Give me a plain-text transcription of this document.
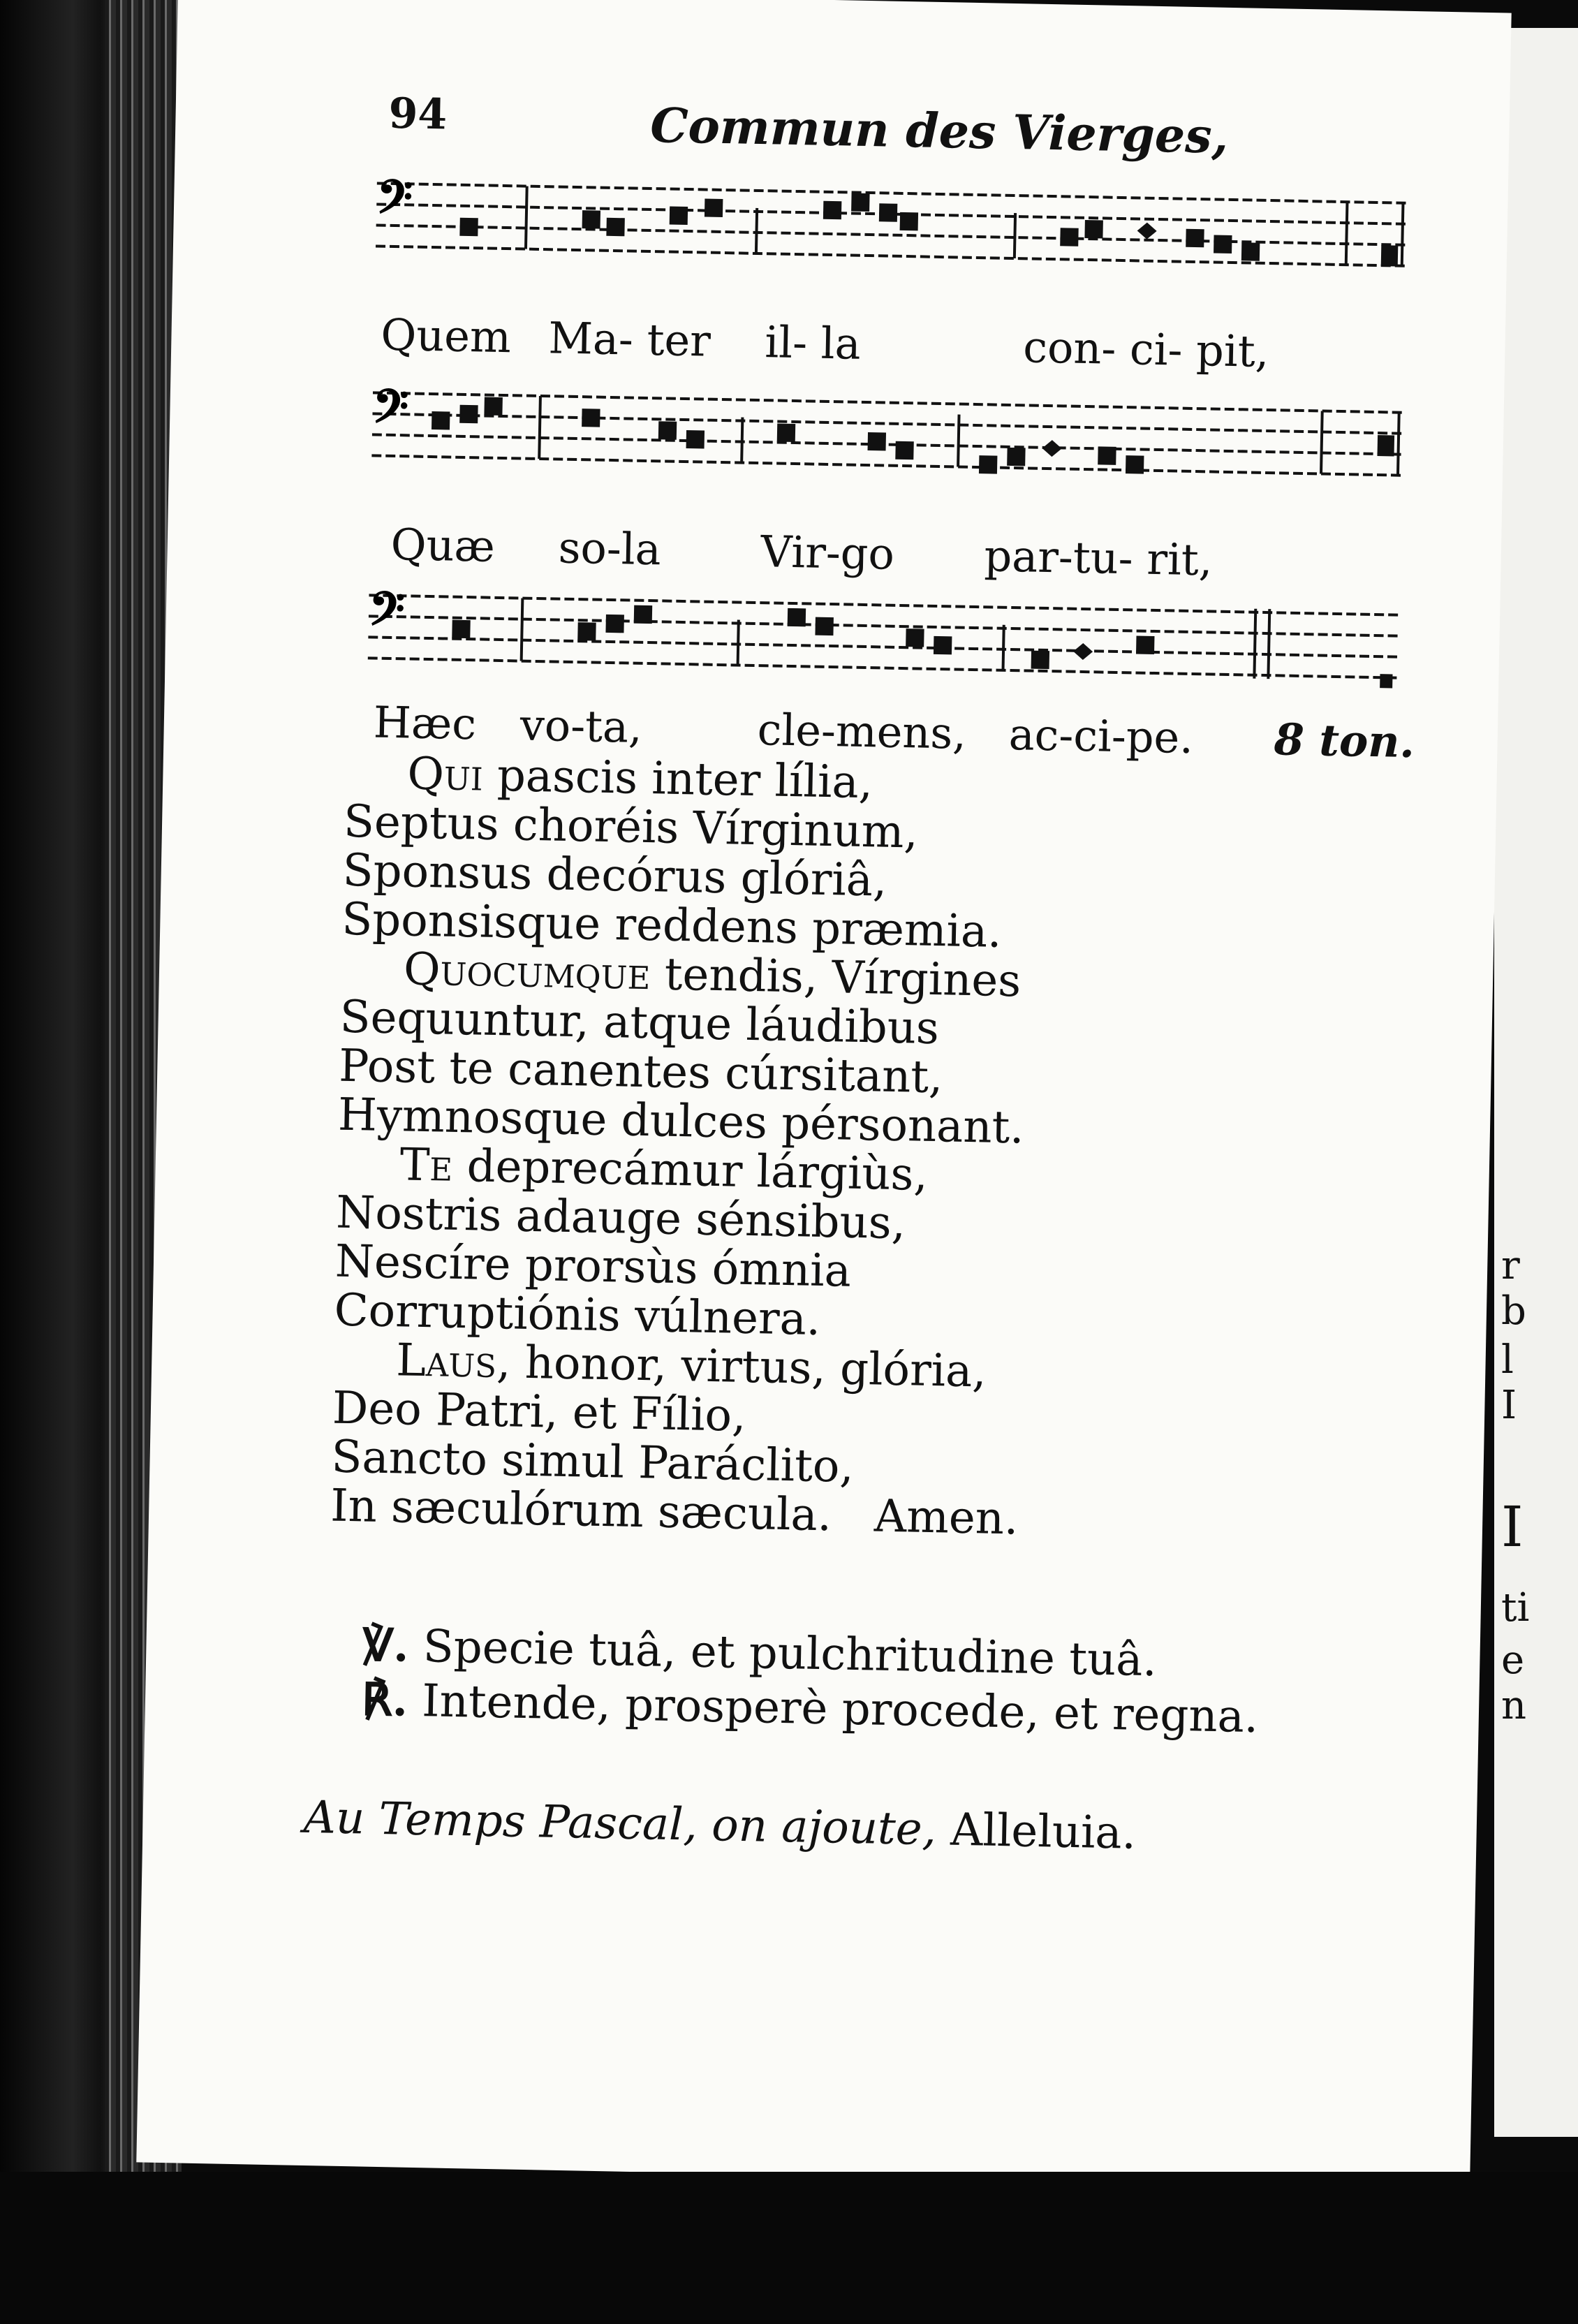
94	Commun des Vierges,
𝄢
Quem Ma- ter il- la	con- ci- pit,
𝄢
Quæ so-la Vir-go par-tu- rit,
𝄢
Hæc vo-ta,	cle-mens, ac-ci-pe. 8 ton.
Qui pascis inter lília,
Septus choréis Vírginum,
Sponsus decórus glóriâ,
Sponsisque reddens præmia.
Quocumque tendis, Vírgines
Sequuntur, atque láudibus
Post te canentes cúrsitant,
Hymnosque dulces pérsonant.
Te deprecámur lárgiùs,
Nostris adauge sénsibus,
Nescíre prorsùs ómnia
Corruptiónis vúlnera.
Laus, honor, virtus, glória,
Deo Patri, et Fílio,
Sancto simul Paráclito,
In sæculórum sæcula.   Amen.
℣. Specie tuâ, et pulchritudine tuâ.
℟. Intende, prosperè procede, et regna.
Au Temps Pascal, on ajoute, Alleluia.
r
b
l
I
I
ti
e
n
